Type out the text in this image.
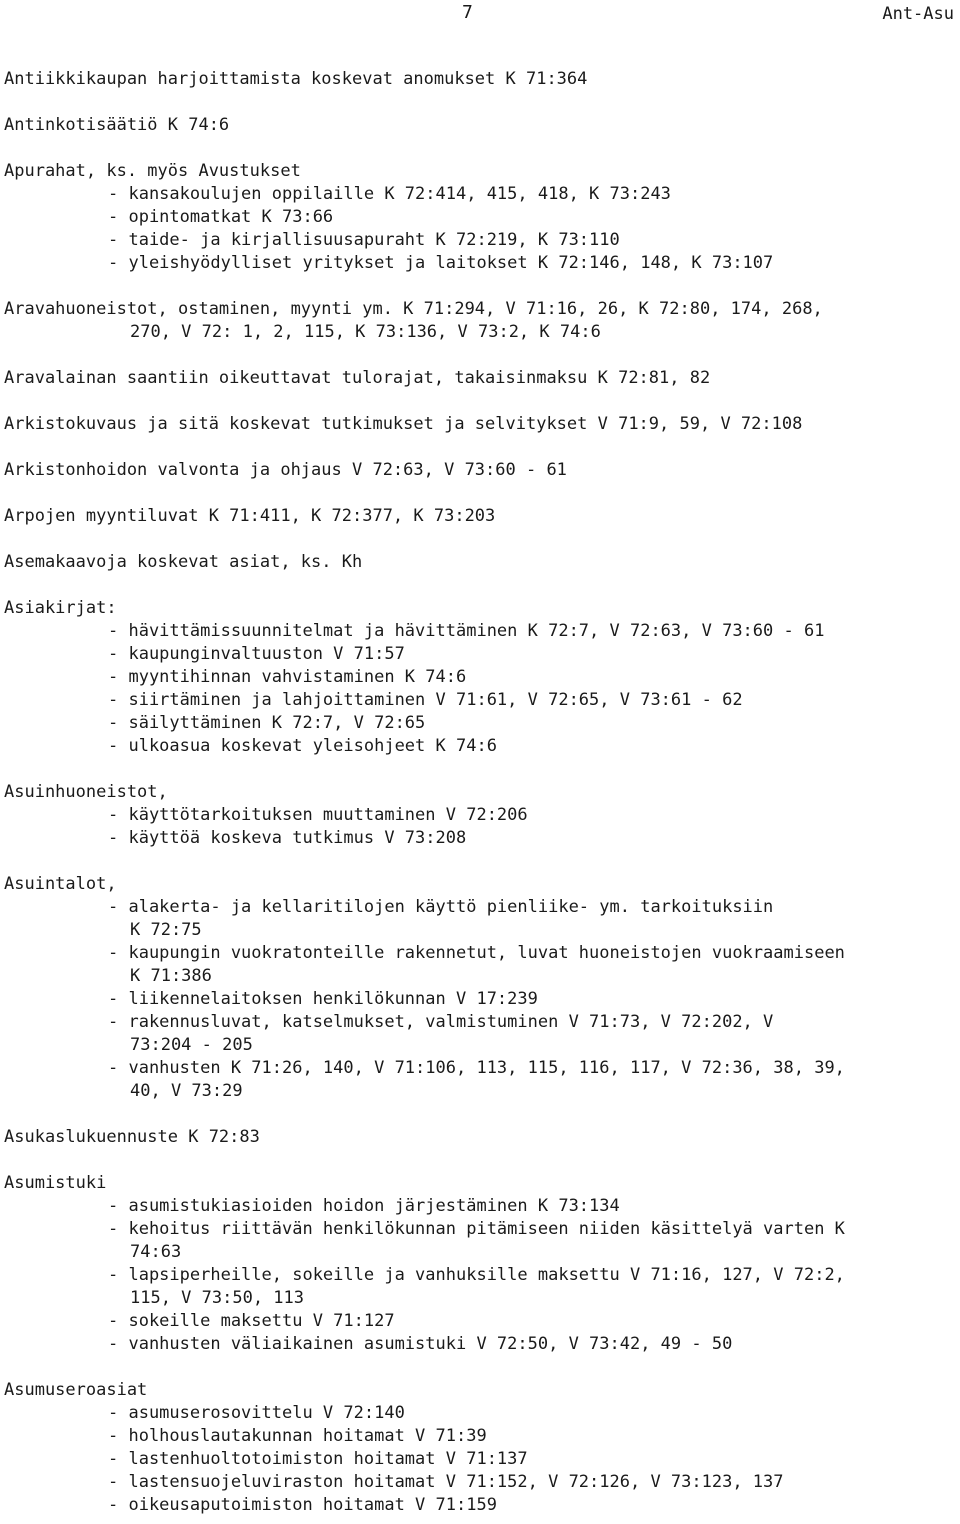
7	Ant-Asu
Antiikkikaupan harjoittamista koskevat anomukset K 71:364
Antinkotisäätiö K 74:6
Apurahat, ks. myös Avustukset
- kansakoulujen oppilaille K 72:414, 415, 418, K 73:243
- opintomatkat K 73:66
- taide- ja kirjallisuusapuraht K 72:219, K 73:110
- yleishyödylliset yritykset ja laitokset K 72:146, 148, K 73:107
Aravahuoneistot, ostaminen, myynti ym. K 71:294, V 71:16, 26, K 72:80, 174, 268,
270, V 72: 1, 2, 115, K 73:136, V 73:2, K 74:6
Aravalainan saantiin oikeuttavat tulorajat, takaisinmaksu K 72:81, 82
Arkistokuvaus ja sitä koskevat tutkimukset ja selvitykset V 71:9, 59, V 72:108
Arkistonhoidon valvonta ja ohjaus V 72:63, V 73:60 - 61
Arpojen myyntiluvat K 71:411, K 72:377, K 73:203
Asemakaavoja koskevat asiat, ks. Kh
Asiakirjat:
- hävittämissuunnitelmat ja hävittäminen K 72:7, V 72:63, V 73:60 - 61
- kaupunginvaltuuston V 71:57
- myyntihinnan vahvistaminen K 74:6
- siirtäminen ja lahjoittaminen V 71:61, V 72:65, V 73:61 - 62
- säilyttäminen K 72:7, V 72:65
- ulkoasua koskevat yleisohjeet K 74:6
Asuinhuoneistot,
- käyttötarkoituksen muuttaminen V 72:206
- käyttöä koskeva tutkimus V 73:208
Asuintalot,
- alakerta- ja kellaritilojen käyttö pienliike- ym. tarkoituksiin
K 72:75
- kaupungin vuokratonteille rakennetut, luvat huoneistojen vuokraamiseen
K 71:386
- liikennelaitoksen henkilökunnan V 17:239
- rakennusluvat, katselmukset, valmistuminen V 71:73, V 72:202, V
73:204 - 205
- vanhusten K 71:26, 140, V 71:106, 113, 115, 116, 117, V 72:36, 38, 39,
40, V 73:29
Asukaslukuennuste K 72:83
Asumistuki
- asumistukiasioiden hoidon järjestäminen K 73:134
- kehoitus riittävän henkilökunnan pitämiseen niiden käsittelyä varten K
74:63
- lapsiperheille, sokeille ja vanhuksille maksettu V 71:16, 127, V 72:2,
115, V 73:50, 113
- sokeille maksettu V 71:127
- vanhusten väliaikainen asumistuki V 72:50, V 73:42, 49 - 50
Asumuseroasiat
- asumuserosovittelu V 72:140
- holhouslautakunnan hoitamat V 71:39
- lastenhuoltotoimiston hoitamat V 71:137
- lastensuojeluviraston hoitamat V 71:152, V 72:126, V 73:123, 137
- oikeusaputoimiston hoitamat V 71:159
